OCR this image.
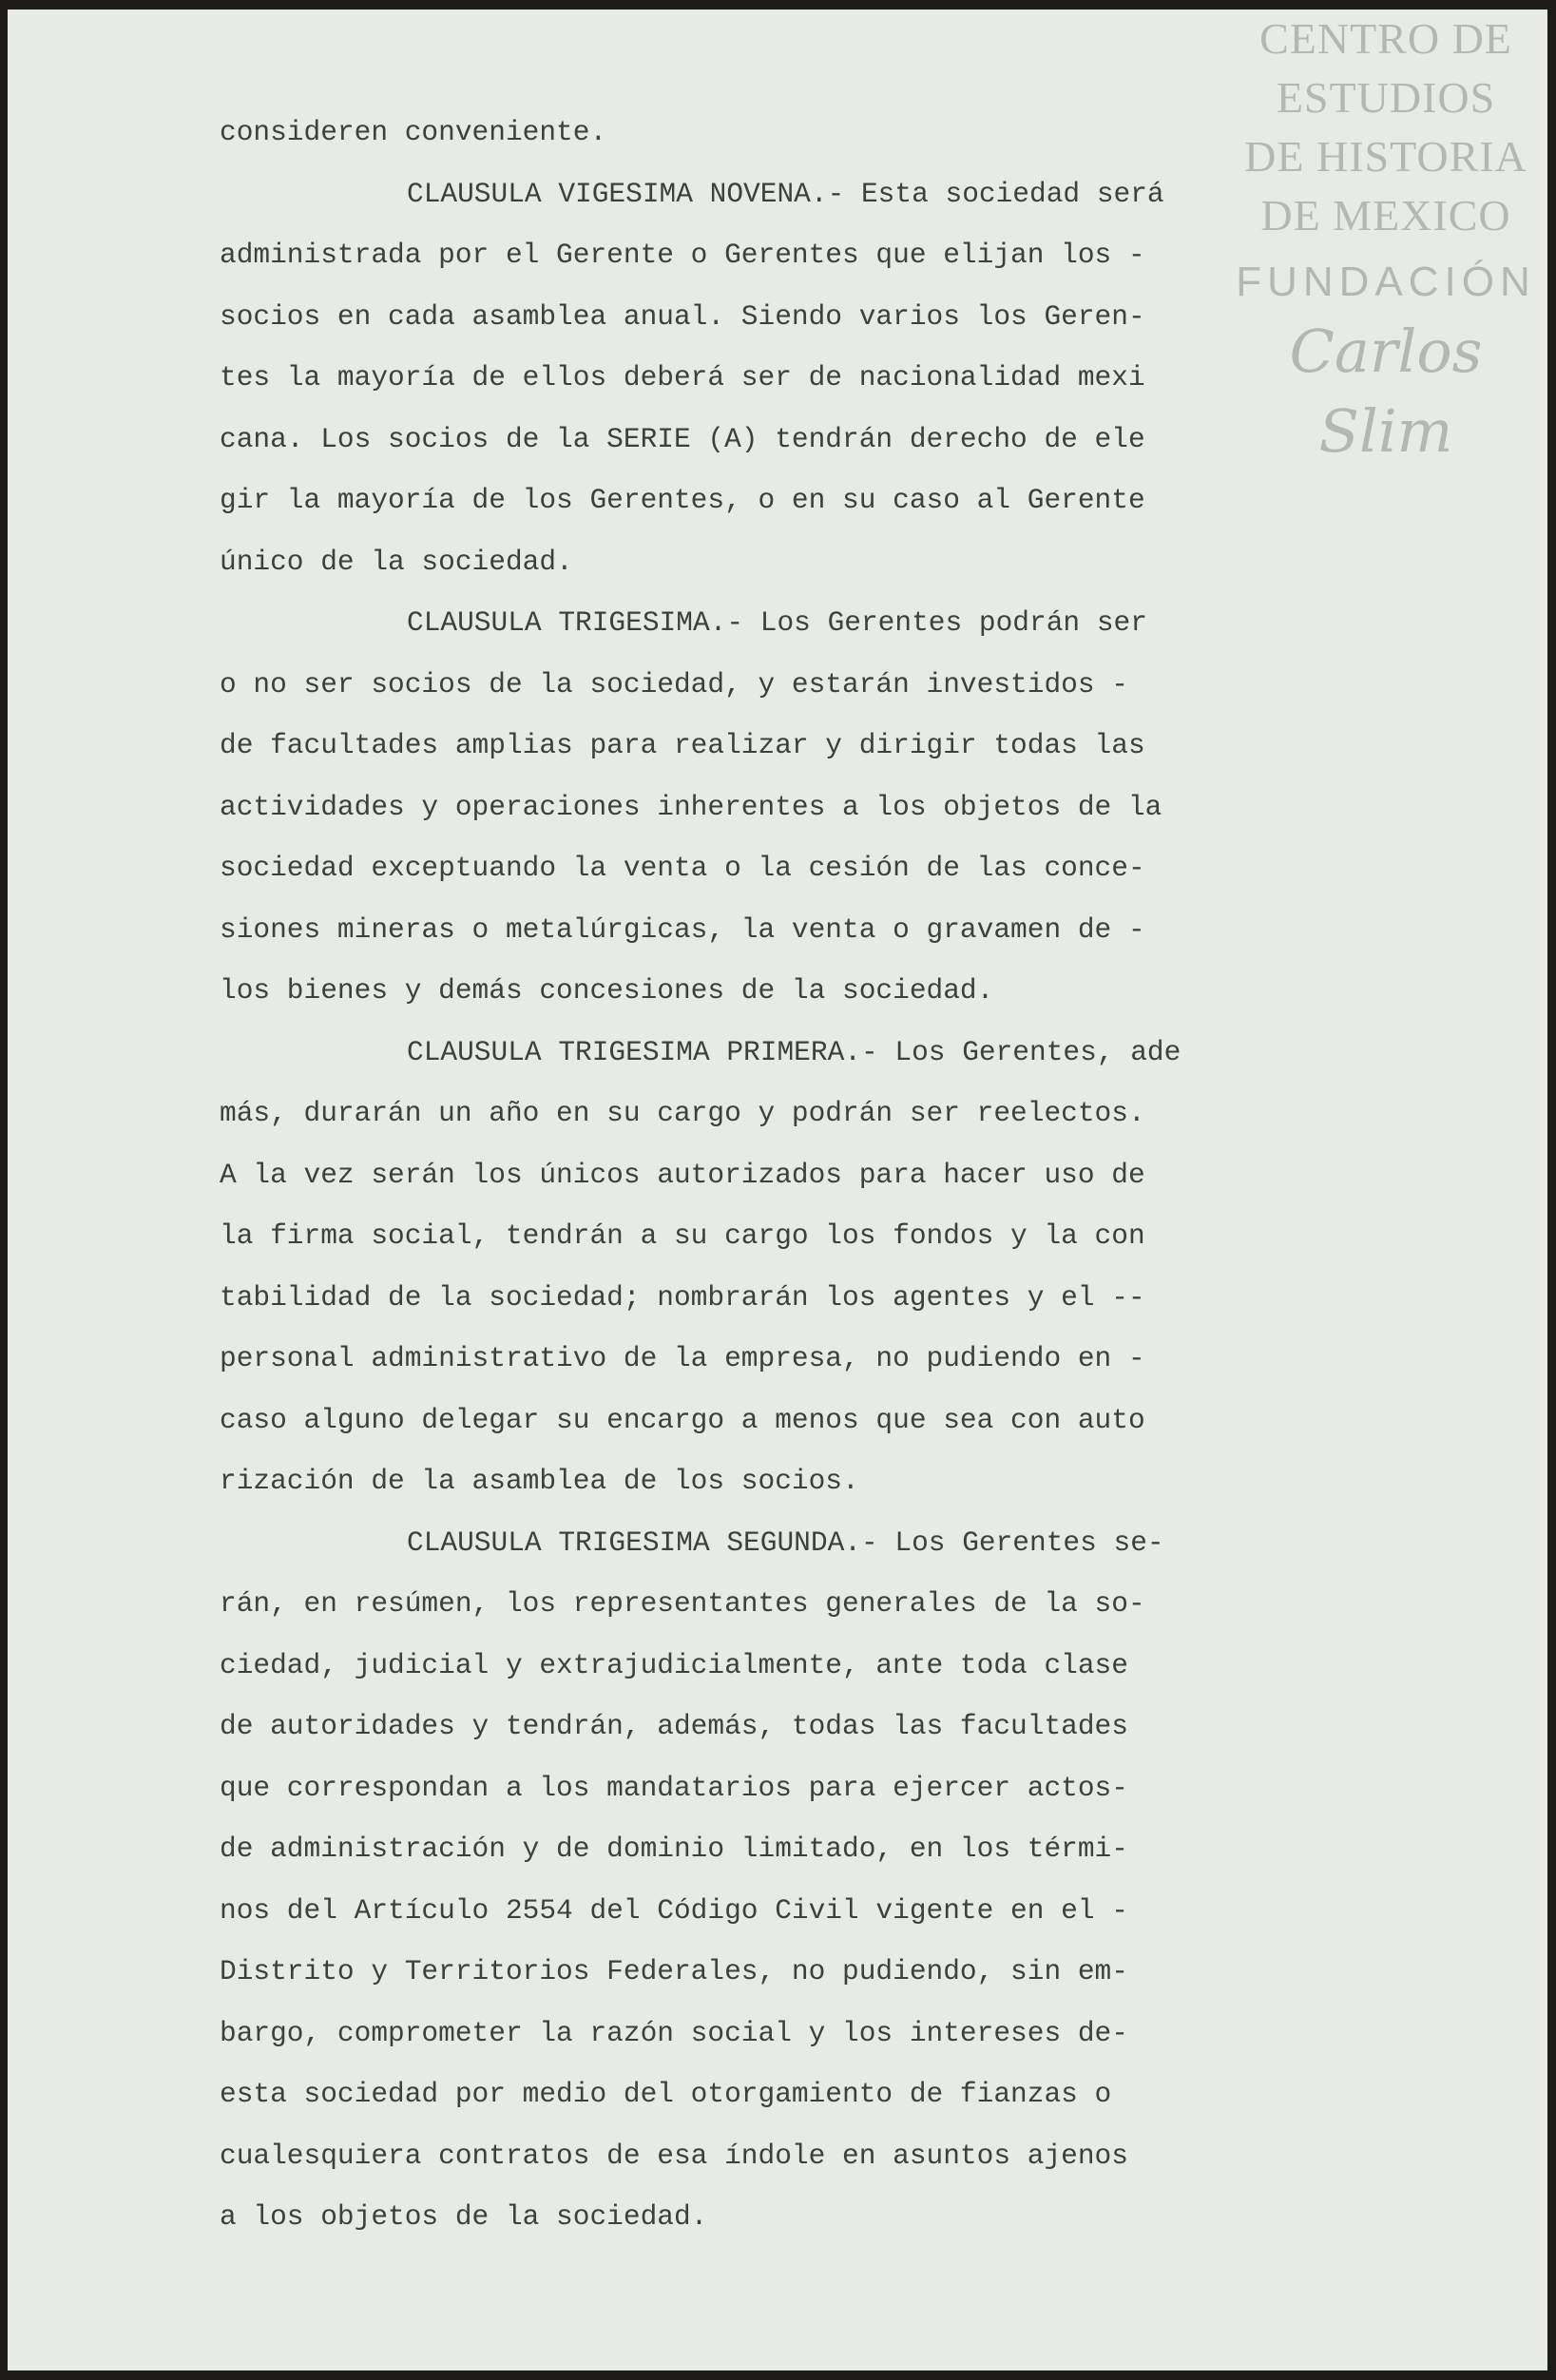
CENTRO DE
ESTUDIOS
DE HISTORIA
DE MEXICO
FUNDACIÓN
Carlos Slim
consideren conveniente.
CLAUSULA VIGESIMA NOVENA.- Esta sociedad será
administrada por el Gerente o Gerentes que elijan los -
socios en cada asamblea anual. Siendo varios los Geren-
tes la mayoría de ellos deberá ser de nacionalidad mexi
cana. Los socios de la SERIE (A) tendrán derecho de ele
gir la mayoría de los Gerentes, o en su caso al Gerente
único de la sociedad.
CLAUSULA TRIGESIMA.- Los Gerentes podrán ser
o no ser socios de la sociedad, y estarán investidos -
de facultades amplias para realizar y dirigir todas las
actividades y operaciones inherentes a los objetos de la
sociedad exceptuando la venta o la cesión de las conce-
siones mineras o metalúrgicas, la venta o gravamen de -
los bienes y demás concesiones de la sociedad.
CLAUSULA TRIGESIMA PRIMERA.- Los Gerentes, ade
más, durarán un año en su cargo y podrán ser reelectos.
A la vez serán los únicos autorizados para hacer uso de
la firma social, tendrán a su cargo los fondos y la con
tabilidad de la sociedad; nombrarán los agentes y el --
personal administrativo de la empresa, no pudiendo en -
caso alguno delegar su encargo a menos que sea con auto
rización de la asamblea de los socios.
CLAUSULA TRIGESIMA SEGUNDA.- Los Gerentes se-
rán, en resúmen, los representantes generales de la so-
ciedad, judicial y extrajudicialmente, ante toda clase
de autoridades y tendrán, además, todas las facultades
que correspondan a los mandatarios para ejercer actos-
de administración y de dominio limitado, en los térmi-
nos del Artículo 2554 del Código Civil vigente en el -
Distrito y Territorios Federales, no pudiendo, sin em-
bargo, comprometer la razón social y los intereses de-
esta sociedad por medio del otorgamiento de fianzas o
cualesquiera contratos de esa índole en asuntos ajenos
a los objetos de la sociedad.
